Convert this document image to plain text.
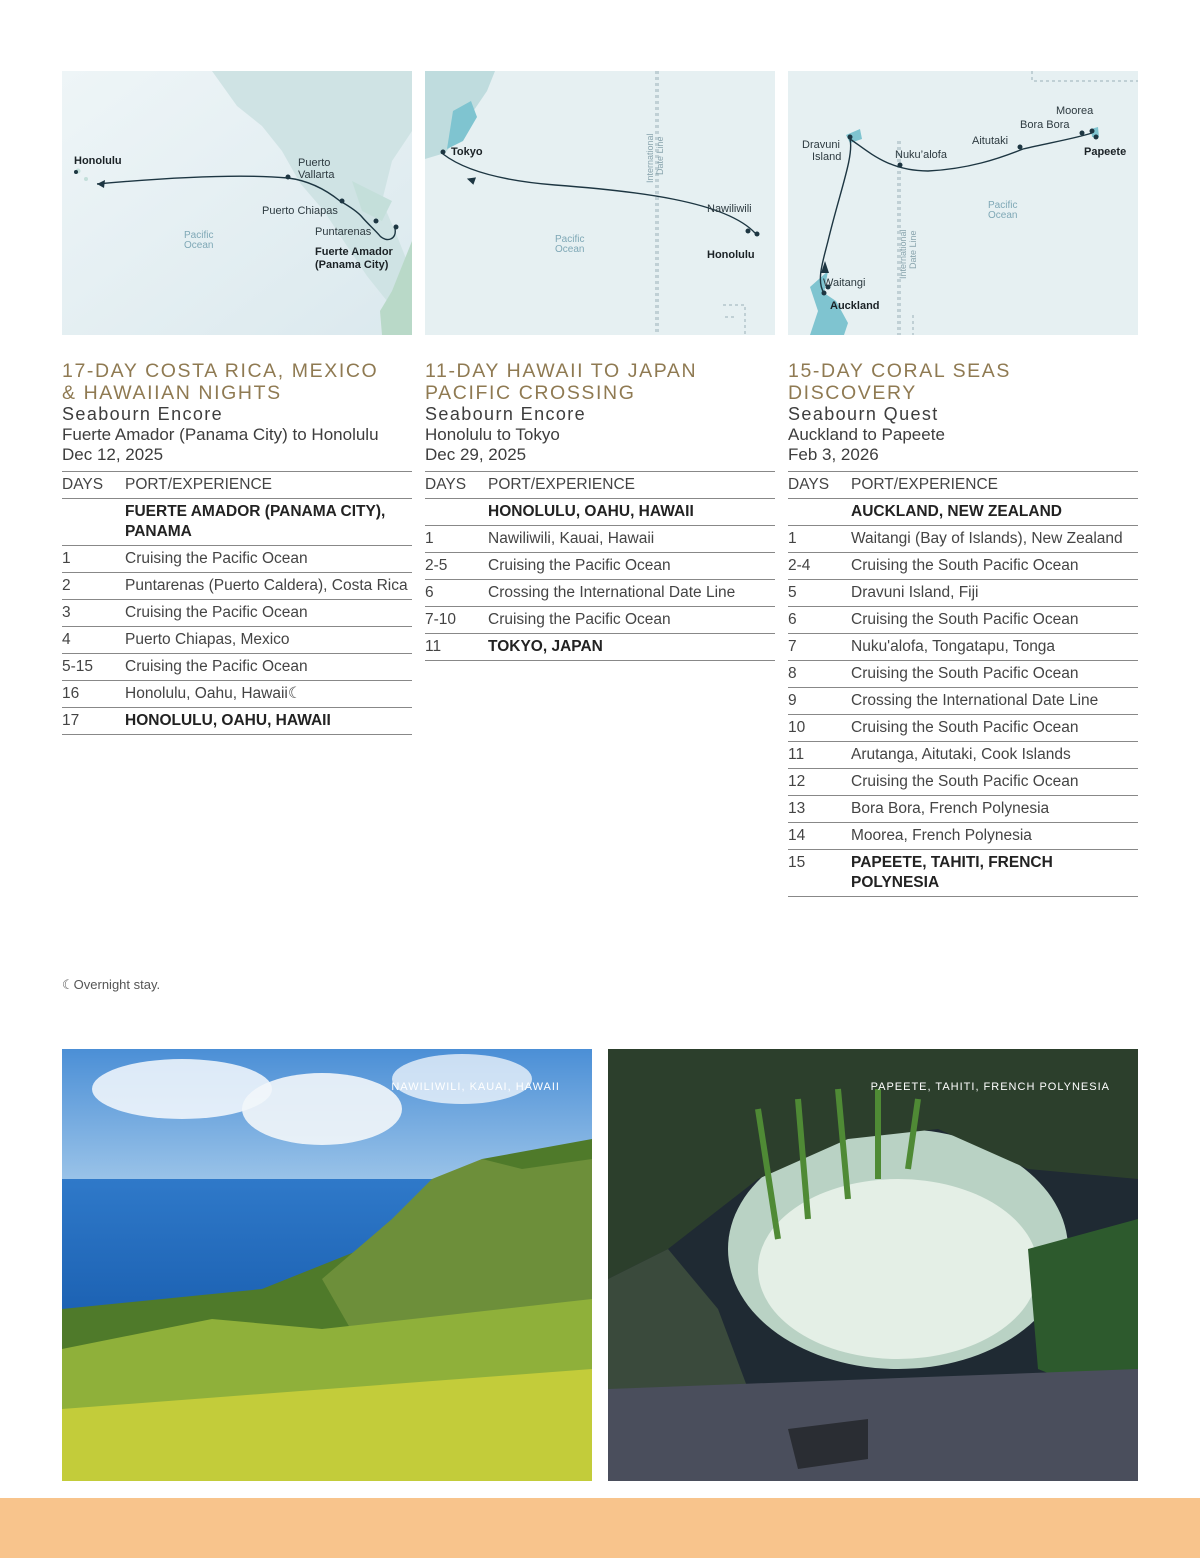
Honolulu	Puerto
Vallarta
Puerto Chiapas
Puntarenas
Fuerte Amador
(Panama City)
Pacific
Ocean
Tokyo
Nawiliwili
Honolulu
Pacific
Ocean
International Date Line	Dravuni
Island	Nuku’alofa
Aitutaki
Bora Bora
Moorea
Papeete
Waitangi
Auckland
Pacific
Ocean
International Date Line
17-DAY COSTA RICA, MEXICO
& HAWAIIAN NIGHTS
Seabourn Encore
Fuerte Amador (Panama City) to Honolulu
Dec 12, 2025
DAYS	PORT/EXPERIENCE
	FUERTE AMADOR (PANAMA CITY), PANAMA
1	Cruising the Pacific Ocean
2	Puntarenas (Puerto Caldera), Costa Rica
3	Cruising the Pacific Ocean
4	Puerto Chiapas, Mexico
5-15	Cruising the Pacific Ocean
16	Honolulu, Oahu, Hawaii☾
17	HONOLULU, OAHU, HAWAII
11-DAY HAWAII TO JAPAN
PACIFIC CROSSING
Seabourn Encore
Honolulu to Tokyo
Dec 29, 2025
DAYS	PORT/EXPERIENCE
	HONOLULU, OAHU, HAWAII
1	Nawiliwili, Kauai, Hawaii
2-5	Cruising the Pacific Ocean
6	Crossing the International Date Line
7-10	Cruising the Pacific Ocean
11	TOKYO, JAPAN
15-DAY CORAL SEAS DISCOVERY
Seabourn Quest
Auckland to Papeete
Feb 3, 2026
DAYS	PORT/EXPERIENCE
	AUCKLAND, NEW ZEALAND
1	Waitangi (Bay of Islands), New Zealand
2-4	Cruising the South Pacific Ocean
5	Dravuni Island, Fiji
6	Cruising the South Pacific Ocean
7	Nuku'alofa, Tongatapu, Tonga
8	Cruising the South Pacific Ocean
9	Crossing the International Date Line
10	Cruising the South Pacific Ocean
11	Arutanga, Aitutaki, Cook Islands
12	Cruising the South Pacific Ocean
13	Bora Bora, French Polynesia
14	Moorea, French Polynesia
15	PAPEETE, TAHITI, FRENCH POLYNESIA
☾Overnight stay.
NAWILIWILI, KAUAI, HAWAII	PAPEETE, TAHITI, FRENCH POLYNESIA
